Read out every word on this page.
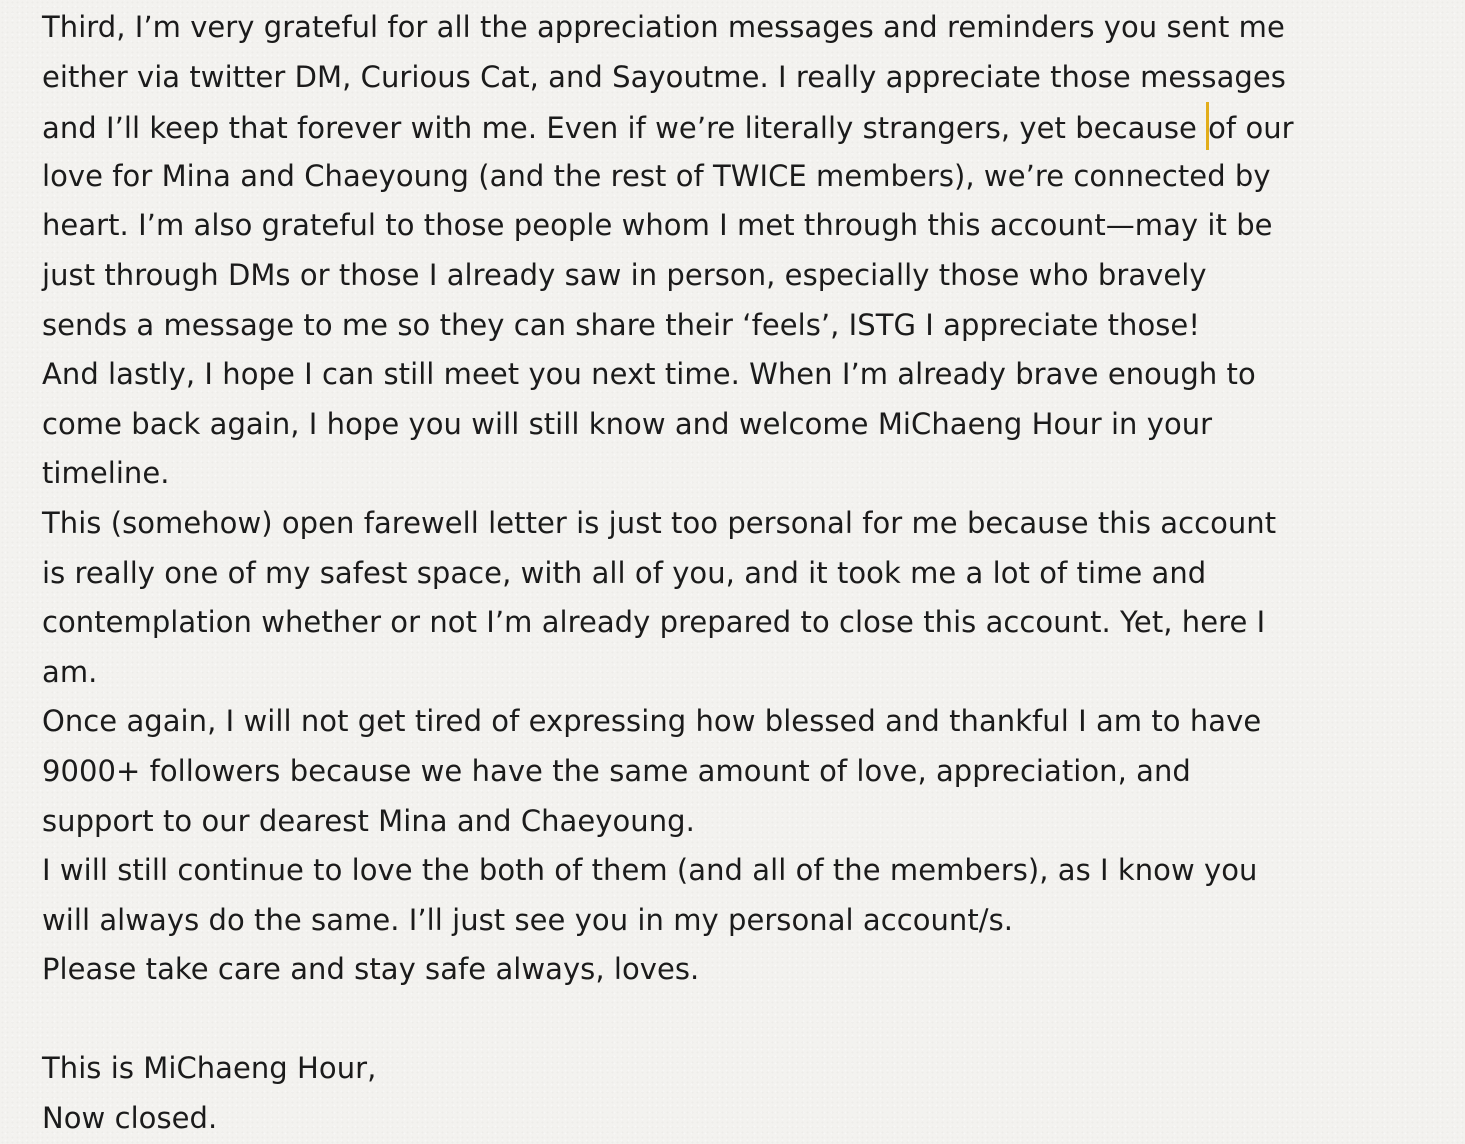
Third, I’m very grateful for all the appreciation messages and reminders you sent me
either via twitter DM, Curious Cat, and Sayoutme. I really appreciate those messages
and I’ll keep that forever with me. Even if we’re literally strangers, yet because of our
love for Mina and Chaeyoung (and the rest of TWICE members), we’re connected by
heart. I’m also grateful to those people whom I met through this account—may it be
just through DMs or those I already saw in person, especially those who bravely
sends a message to me so they can share their ‘feels’, ISTG I appreciate those!
And lastly, I hope I can still meet you next time. When I’m already brave enough to
come back again, I hope you will still know and welcome MiChaeng Hour in your
timeline.
This (somehow) open farewell letter is just too personal for me because this account
is really one of my safest space, with all of you, and it took me a lot of time and
contemplation whether or not I’m already prepared to close this account. Yet, here I
am.
Once again, I will not get tired of expressing how blessed and thankful I am to have
9000+ followers because we have the same amount of love, appreciation, and
support to our dearest Mina and Chaeyoung.
I will still continue to love the both of them (and all of the members), as I know you
will always do the same. I’ll just see you in my personal account/s.
Please take care and stay safe always, loves.
This is MiChaeng Hour,
Now closed.
